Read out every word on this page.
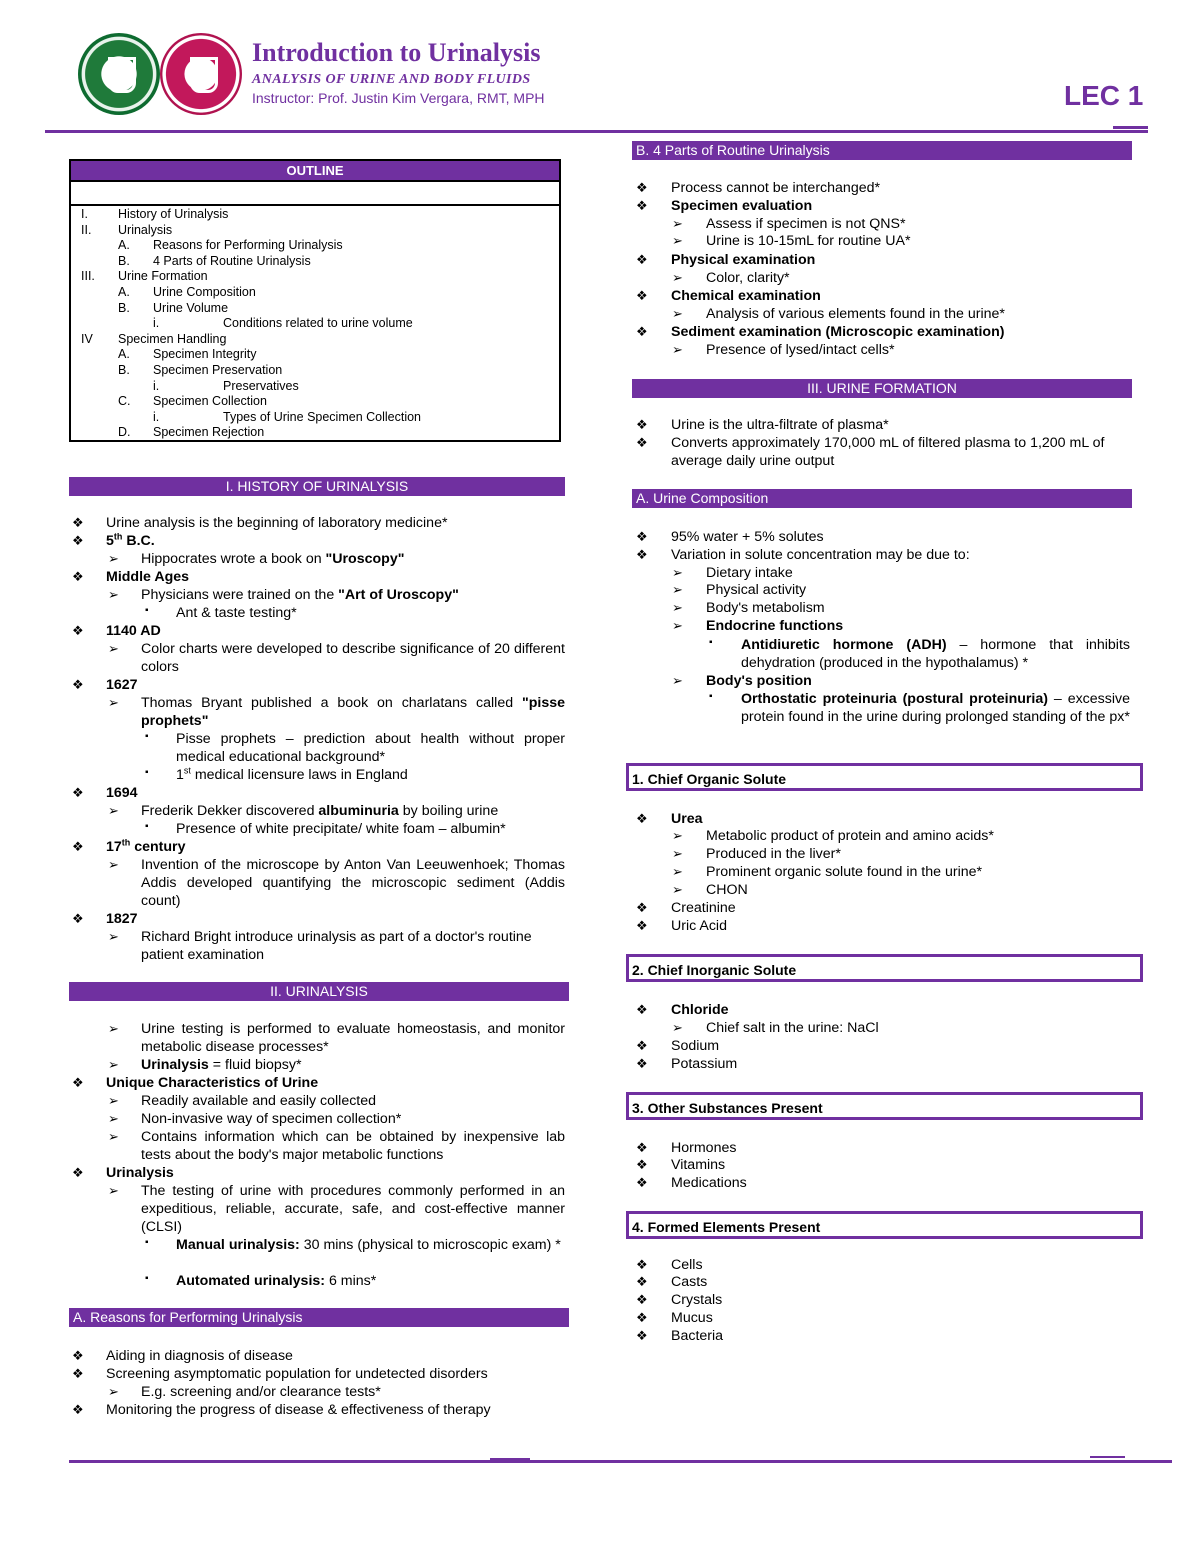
Introduction to Urinalysis
ANALYSIS OF URINE AND BODY FLUIDS
Instructor: Prof. Justin Kim Vergara, RMT, MPH	LEC 1
OUTLINE
I. History of Urinalysis
II. Urinalysis
A. Reasons for Performing Urinalysis
B. 4 Parts of Routine Urinalysis
III. Urine Formation
A. Urine Composition
B. Urine Volume
i.	Conditions related to urine volume
IV Specimen Handling
A. Specimen Integrity
B. Specimen Preservation
i.	Preservatives
C. Specimen Collection
i.	Types of Urine Specimen Collection
D. Specimen Rejection
I. HISTORY OF URINALYSIS
❖ Urine analysis is the beginning of laboratory medicine*
❖ 5th B.C.
➢ Hippocrates wrote a book on "Uroscopy"
❖ Middle Ages
➢ Physicians were trained on the "Art of Uroscopy"
▪ Ant & taste testing*
❖ 1140 AD
➢ Color charts were developed to describe significance of 20 different colors
❖ 1627
➢ Thomas Bryant published a book on charlatans called "pisse prophets"
▪ Pisse prophets – prediction about health without proper medical educational background*
▪ 1st medical licensure laws in England
❖ 1694
➢ Frederik Dekker discovered albuminuria by boiling urine
▪ Presence of white precipitate/ white foam – albumin*
❖ 17th century
➢ Invention of the microscope by Anton Van Leeuwenhoek; Thomas Addis developed quantifying the microscopic sediment (Addis count)
❖ 1827
➢ Richard Bright introduce urinalysis as part of a doctor's routine patient examination
II. URINALYSIS
➢ Urine testing is performed to evaluate homeostasis, and monitor metabolic disease processes*
➢ Urinalysis = fluid biopsy*
❖ Unique Characteristics of Urine
➢ Readily available and easily collected
➢ Non-invasive way of specimen collection*
➢ Contains information which can be obtained by inexpensive lab tests about the body's major metabolic functions
❖ Urinalysis
➢ The testing of urine with procedures commonly performed in an expeditious, reliable, accurate, safe, and cost-effective manner (CLSI)
▪ Manual urinalysis: 30 mins (physical to microscopic exam) *
▪ Automated urinalysis: 6 mins*
A. Reasons for Performing Urinalysis
❖ Aiding in diagnosis of disease
❖ Screening asymptomatic population for undetected disorders
➢ E.g. screening and/or clearance tests*
❖ Monitoring the progress of disease & effectiveness of therapy
B. 4 Parts of Routine Urinalysis
❖ Process cannot be interchanged*
❖ Specimen evaluation
➢ Assess if specimen is not QNS*
➢ Urine is 10-15mL for routine UA*
❖ Physical examination
➢ Color, clarity*
❖ Chemical examination
➢ Analysis of various elements found in the urine*
❖ Sediment examination (Microscopic examination)
➢ Presence of lysed/intact cells*
III. URINE FORMATION
❖ Urine is the ultra-filtrate of plasma*
❖ Converts approximately 170,000 mL of filtered plasma to 1,200 mL of average daily urine output
A. Urine Composition
❖ 95% water + 5% solutes
❖ Variation in solute concentration may be due to:
➢ Dietary intake
➢ Physical activity
➢ Body's metabolism
➢ Endocrine functions
▪ Antidiuretic hormone (ADH) – hormone that inhibits dehydration (produced in the hypothalamus) *
➢ Body's position
▪ Orthostatic proteinuria (postural proteinuria) – excessive protein found in the urine during prolonged standing of the px*
1. Chief Organic Solute
❖ Urea
➢ Metabolic product of protein and amino acids*
➢ Produced in the liver*
➢ Prominent organic solute found in the urine*
➢ CHON
❖ Creatinine
❖ Uric Acid
2. Chief Inorganic Solute
❖ Chloride
➢ Chief salt in the urine: NaCl
❖ Sodium
❖ Potassium
3. Other Substances Present
❖ Hormones
❖ Vitamins
❖ Medications
4. Formed Elements Present
❖ Cells
❖ Casts
❖ Crystals
❖ Mucus
❖ Bacteria
